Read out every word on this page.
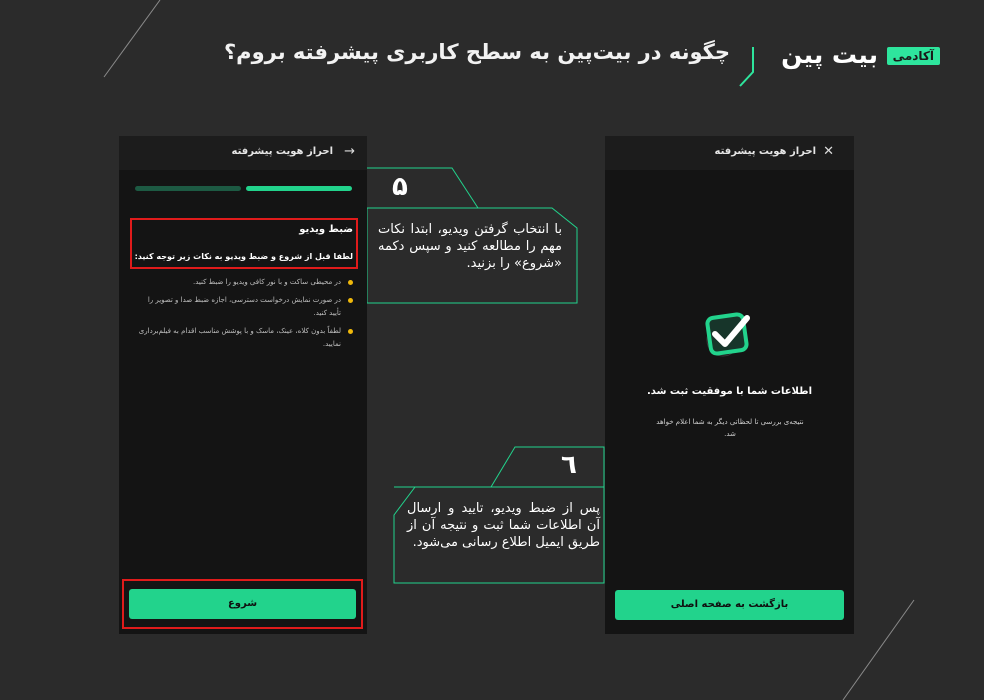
چگونه در بیت‌پین به سطح کاربری پیشرفته بروم؟ بیت پین	آکادمی
۵
با انتخاب گرفتن ویدیو، ابتدا نکات مهم را مطالعه کنید و سپس دکمه «شروع» را بزنید.
٦
پس از ضبط ویدیو، تایید و ارسال آن اطلاعات شما ثبت و نتیجه آن از طریق ایمیل اطلاع رسانی می‌شود.
→
احراز هویت پیشرفته
ضبط ویدیو
لطفا قبل از شروع و ضبط ویدیو به نکات زیر توجه کنید:
در محیطی ساکت و با نور کافی ویدیو را ضبط کنید.
در صورت نمایش درخواست دسترسی، اجازه ضبط صدا و تصویر را تأیید کنید.
لطفاً بدون کلاه، عینک، ماسک و با پوشش مناسب اقدام به فیلم‌برداری نمایید.
شروع
✕
احراز هویت پیشرفته
اطلاعات شما با موفقیت ثبت شد.
نتیجه‌ی بررسی تا لحظاتی دیگر به شما اعلام خواهد شد.
بازگشت به صفحه اصلی
